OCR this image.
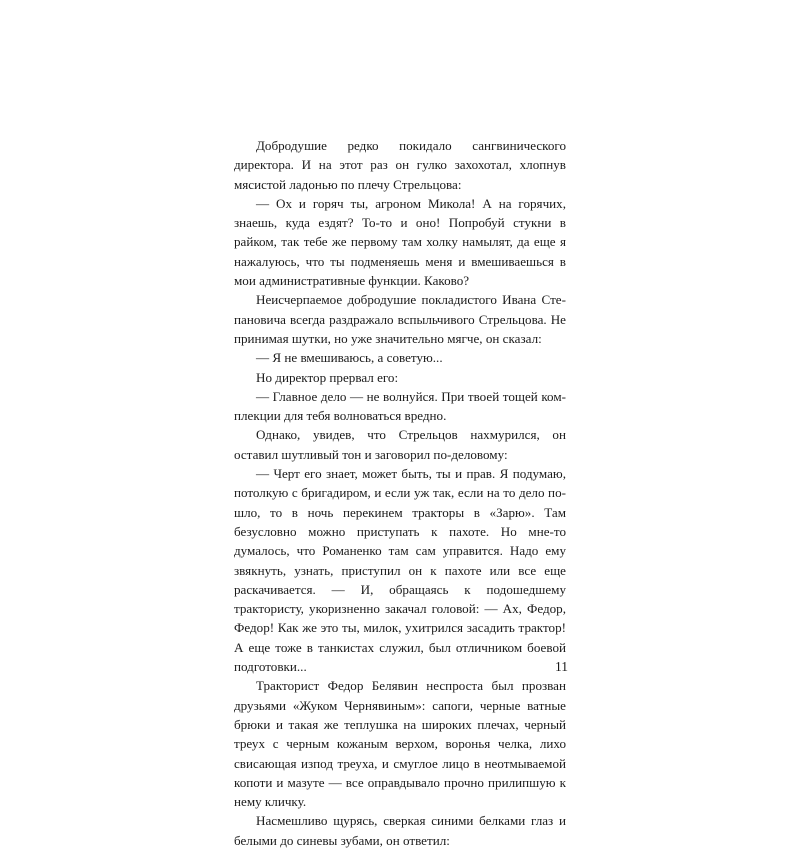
Добродушие редко покидало сангвинического директора. И на этот раз он гулко захохотал, хлопнув мясистой ладонью по плечу Стрельцова:

— Ох и горяч ты, агроном Микола! А на горячих, знаешь, куда ездят? То-то и оно! Попробуй стукни в райком, так тебе же первому там холку намылят, да еще я нажалуюсь, что ты подменяешь меня и вмешиваешься в мои административные функции. Каково?

Неисчерпаемое добродушие покладистого Ивана Степановича всегда раздражало вспыльчивого Стрельцова. Не принимая шутки, но уже значительно мягче, он сказал:

— Я не вмешиваюсь, а советую...

Но директор прервал его:

— Главное дело — не волнуйся. При твоей тощей комплекции для тебя волноваться вредно.

Однако, увидев, что Стрельцов нахмурился, он оставил шутливый тон и заговорил по-деловому:

— Черт его знает, может быть, ты и прав. Я подумаю, потолкую с бригадиром, и если уж так, если на то дело пошло, то в ночь перекинем тракторы в «Зарю». Там безусловно можно приступать к пахоте. Но мне-то думалось, что Романенко там сам управится. Надо ему звякнуть, узнать, приступил он к пахоте или все еще раскачивается. — И, обращаясь к подошедшему трактористу, укоризненно закачал головой: — Ах, Федор, Федор! Как же это ты, милок, ухитрился засадить трактор! А еще тоже в танкистах служил, был отличником боевой подготовки...

Тракторист Федор Белявин неспроста был прозван друзьями «Жуком Чернявиным»: сапоги, черные ватные брюки и такая же теплушка на широких плечах, черный треух с черным кожаным верхом, воронья челка, лихо свисающая изпод треуха, и смуглое лицо в неотмываемой копоти и мазуте — все оправдывало прочно прилипшую к нему кличку.

Насмешливо щурясь, сверкая синими белками глаз и белыми до синевы зубами, он ответил:

11
